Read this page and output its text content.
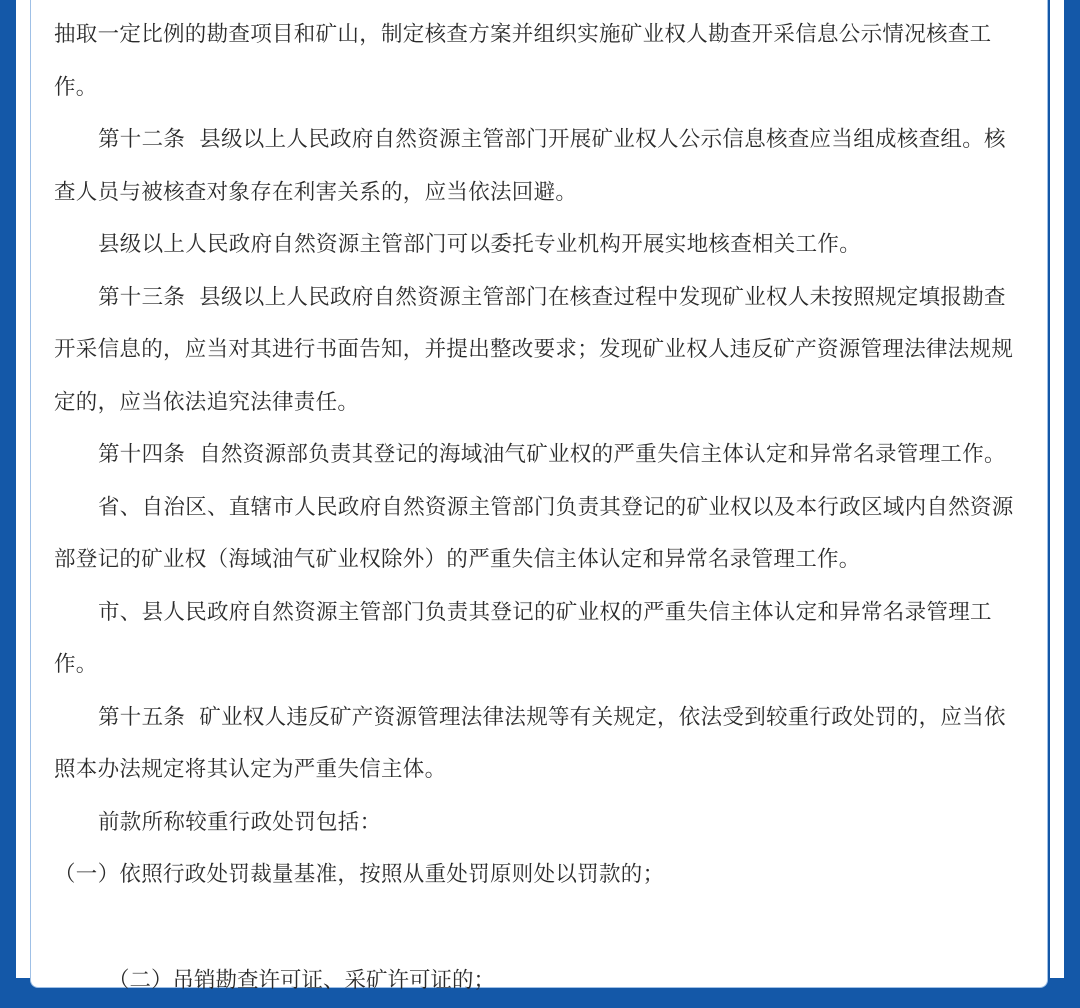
抽取一定比例的勘查项目和矿山，制定核查方案并组织实施矿业权人勘查开采信息公示情况核查工作。

第十二条 县级以上人民政府自然资源主管部门开展矿业权人公示信息核查应当组成核查组。核查人员与被核查对象存在利害关系的，应当依法回避。

县级以上人民政府自然资源主管部门可以委托专业机构开展实地核查相关工作。

第十三条 县级以上人民政府自然资源主管部门在核查过程中发现矿业权人未按照规定填报勘查开采信息的，应当对其进行书面告知，并提出整改要求；发现矿业权人违反矿产资源管理法律法规规定的，应当依法追究法律责任。

第十四条 自然资源部负责其登记的海域油气矿业权的严重失信主体认定和异常名录管理工作。

省、自治区、直辖市人民政府自然资源主管部门负责其登记的矿业权以及本行政区域内自然资源部登记的矿业权（海域油气矿业权除外）的严重失信主体认定和异常名录管理工作。

市、县人民政府自然资源主管部门负责其登记的矿业权的严重失信主体认定和异常名录管理工作。

第十五条 矿业权人违反矿产资源管理法律法规等有关规定，依法受到较重行政处罚的，应当依照本办法规定将其认定为严重失信主体。

前款所称较重行政处罚包括：

（一）依照行政处罚裁量基准，按照从重处罚原则处以罚款的；

（二）吊销勘查许可证、采矿许可证的；
